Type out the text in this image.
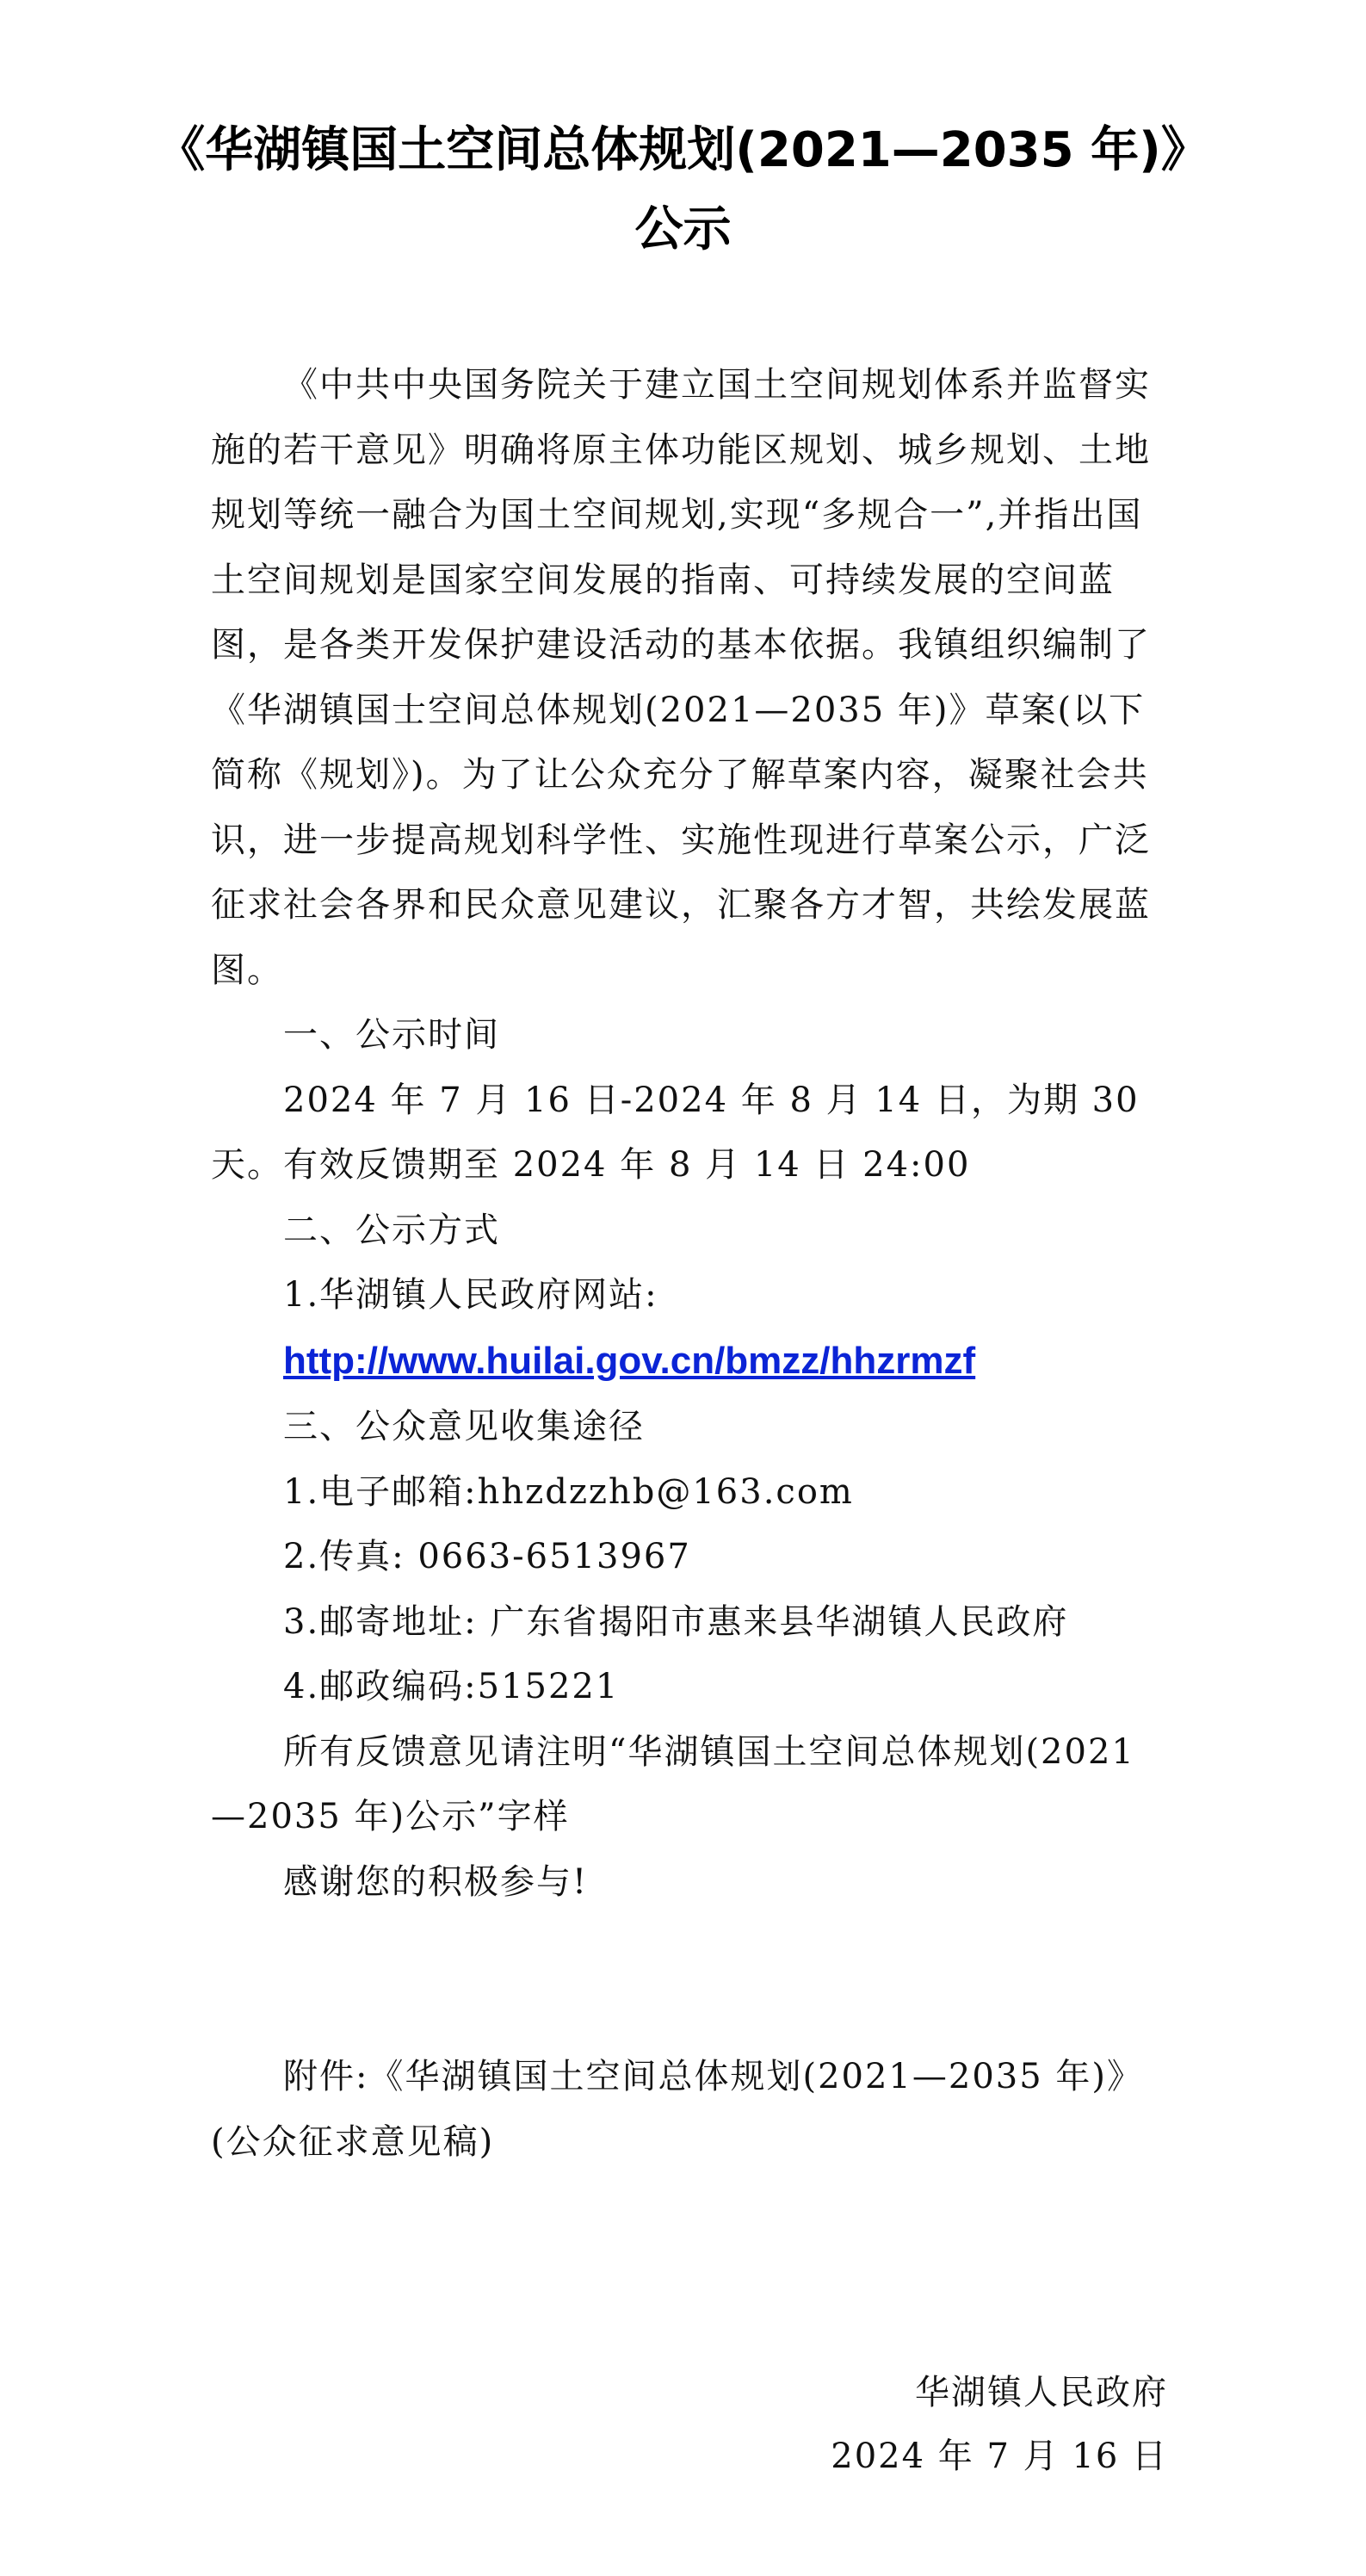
《华湖镇国土空间总体规划(2021—2035 年)》
公示

《中共中央国务院关于建立国土空间规划体系并监督实施的若干意见》明确将原主体功能区规划、城乡规划、土地规划等统一融合为国土空间规划,实现“多规合一”,并指出国土空间规划是国家空间发展的指南、可持续发展的空间蓝图，是各类开发保护建设活动的基本依据。我镇组织编制了《华湖镇国士空间总体规划(2021—2035 年)》草案(以下简称《规划》)。为了让公众充分了解草案内容，凝聚社会共识，进一步提高规划科学性、实施性现进行草案公示，广泛征求社会各界和民众意见建议，汇聚各方才智，共绘发展蓝图。

一、公示时间

2024 年 7 月 16 日-2024 年 8 月 14 日，为期 30 天。有效反馈期至 2024 年 8 月 14 日 24:00

二、公示方式

1.华湖镇人民政府网站:

http://www.huilai.gov.cn/bmzz/hhzrmzf

三、公众意见收集途径

1.电子邮箱:hhzdzzhb@163.com

2.传真: 0663-6513967

3.邮寄地址: 广东省揭阳市惠来县华湖镇人民政府

4.邮政编码:515221

所有反馈意见请注明“华湖镇国土空间总体规划(2021—2035 年)公示”字样

感谢您的积极参与!

附件:《华湖镇国土空间总体规划(2021—2035 年)》(公众征求意见稿)

华湖镇人民政府
2024 年 7 月 16 日
